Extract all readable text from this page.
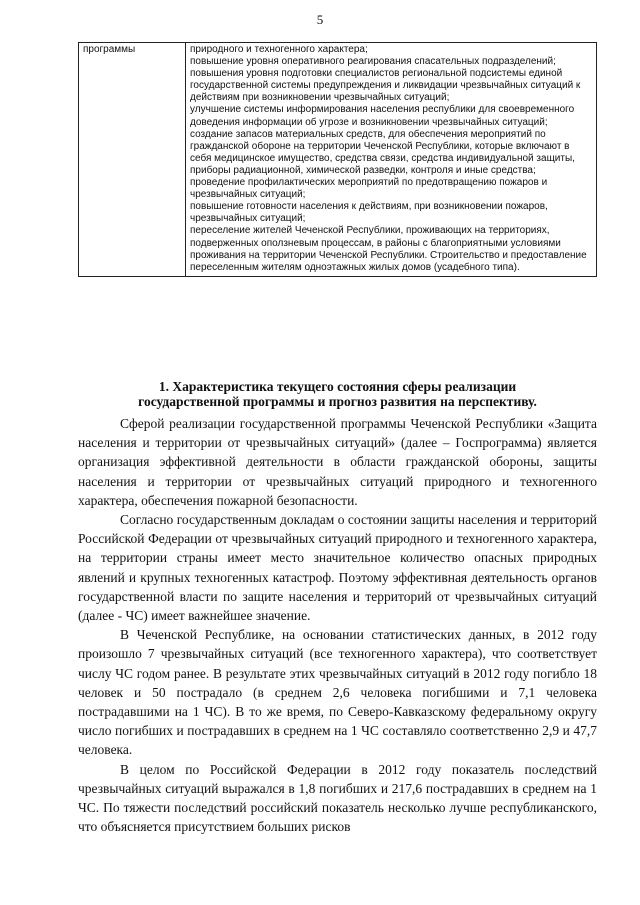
5
программы	природного и техногенного характера;
повышение уровня оперативного реагирования спасательных подразделений;
повышения уровня подготовки специалистов региональной подсистемы единой государственной системы предупреждения и ликвидации чрезвычайных ситуаций к действиям при возникновении чрезвычайных ситуаций;
улучшение системы информирования населения республики для своевременного доведения информации об угрозе и возникновении чрезвычайных ситуаций;
создание запасов материальных средств, для обеспечения мероприятий по гражданской обороне на территории Чеченской Республики, которые включают в себя медицинское имущество, средства связи, средства индивидуальной защиты, приборы радиационной, химической разведки, контроля и иные средства;
проведение профилактических мероприятий по предотвращению пожаров и чрезвычайных ситуаций;
повышение готовности населения к действиям, при возникновении пожаров, чрезвычайных ситуаций;
переселение жителей Чеченской Республики, проживающих на территориях, подверженных оползневым процессам, в районы с благоприятными условиями проживания на территории Чеченской Республики. Строительство и предоставление переселенным жителям одноэтажных жилых домов (усадебного типа).
1. Характеристика текущего состояния сферы реализации
государственной программы и прогноз развития на перспективу.

Сферой реализации государственной программы Чеченской Республики «Защита населения и территории от чрезвычайных ситуаций» (далее – Госпрограмма) является организация эффективной деятельности в области гражданской обороны, защиты населения и территории от чрезвычайных ситуаций природного и техногенного характера, обеспечения пожарной безопасности.

Согласно государственным докладам о состоянии защиты населения и территорий Российской Федерации от чрезвычайных ситуаций природного и техногенного характера, на территории страны имеет место значительное количество опасных природных явлений и крупных техногенных катастроф. Поэтому эффективная деятельность органов государственной власти по защите населения и территорий от чрезвычайных ситуаций (далее - ЧС) имеет важнейшее значение.

В Чеченской Республике, на основании статистических данных, в 2012 году произошло 7 чрезвычайных ситуаций (все техногенного характера), что соответствует числу ЧС годом ранее. В результате этих чрезвычайных ситуаций в 2012 году погибло 18 человек и 50 пострадало (в среднем 2,6 человека погибшими и 7,1 человека пострадавшими на 1 ЧС). В то же время, по Северо-Кавказскому федеральному округу число погибших и пострадавших в среднем на 1 ЧС составляло соответственно 2,9 и 47,7 человека.

В целом по Российской Федерации в 2012 году показатель последствий чрезвычайных ситуаций выражался в 1,8 погибших и 217,6 пострадавших в среднем на 1 ЧС. По тяжести последствий российский показатель несколько лучше республиканского, что объясняется присутствием больших рисков
